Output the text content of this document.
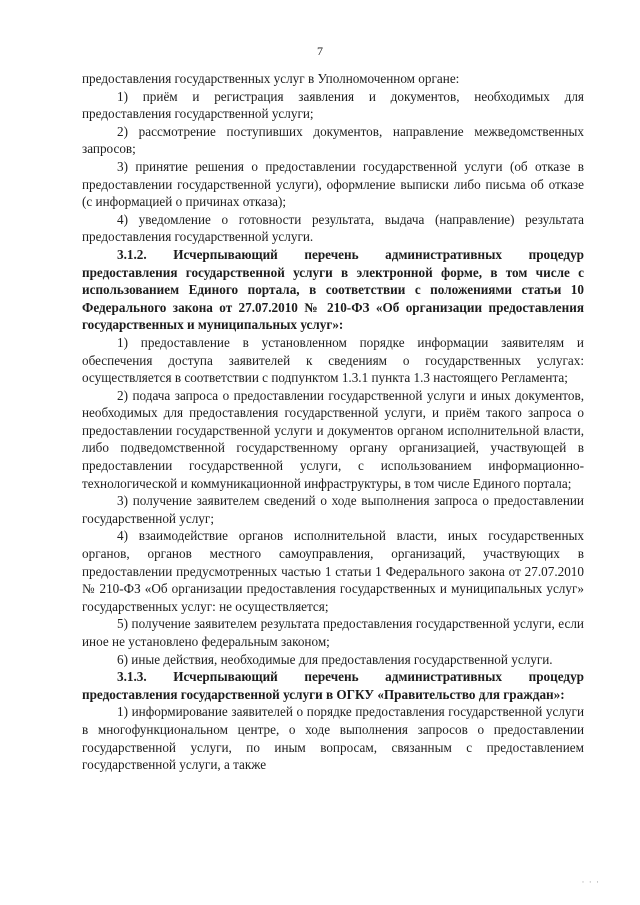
7

предоставления государственных услуг в Уполномоченном органе:

1) приём и регистрация заявления и документов, необходимых для предоставления государственной услуги;

2) рассмотрение поступивших документов, направление межведомственных запросов;

3) принятие решения о предоставлении государственной услуги (об отказе в предоставлении государственной услуги), оформление выписки либо письма об отказе (с информацией о причинах отказа);

4) уведомление о готовности результата, выдача (направление) результата предоставления государственной услуги.

3.1.2. Исчерпывающий перечень административных процедур предоставления государственной услуги в электронной форме, в том числе с использованием Единого портала, в соответствии с положениями статьи 10 Федерального закона от 27.07.2010 № 210-ФЗ «Об организации предоставления государственных и муниципальных услуг»:

1) предоставление в установленном порядке информации заявителям и обеспечения доступа заявителей к сведениям о государственных услугах: осуществляется в соответствии с подпунктом 1.3.1 пункта 1.3 настоящего Регламента;

2) подача запроса о предоставлении государственной услуги и иных документов, необходимых для предоставления государственной услуги, и приём такого запроса о предоставлении государственной услуги и документов органом исполнительной власти, либо подведомственной государственному органу организацией, участвующей в предоставлении государственной услуги, с использованием информационно-технологической и коммуникационной инфраструктуры, в том числе Единого портала;

3) получение заявителем сведений о ходе выполнения запроса о предоставлении государственной услуг;

4) взаимодействие органов исполнительной власти, иных государственных органов, органов местного самоуправления, организаций, участвующих в предоставлении предусмотренных частью 1 статьи 1 Федерального закона от 27.07.2010 № 210-ФЗ «Об организации предоставления государственных и муниципальных услуг» государственных услуг: не осуществляется;

5) получение заявителем результата предоставления государственной услуги, если иное не установлено федеральным законом;

6) иные действия, необходимые для предоставления государственной услуги.

3.1.3. Исчерпывающий перечень административных процедур предоставления государственной услуги в ОГКУ «Правительство для граждан»:

1) информирование заявителей о порядке предоставления государственной услуги в многофункциональном центре, о ходе выполнения запросов о предоставлении государственной услуги, по иным вопросам, связанным с предоставлением государственной услуги, а также

· · ·
